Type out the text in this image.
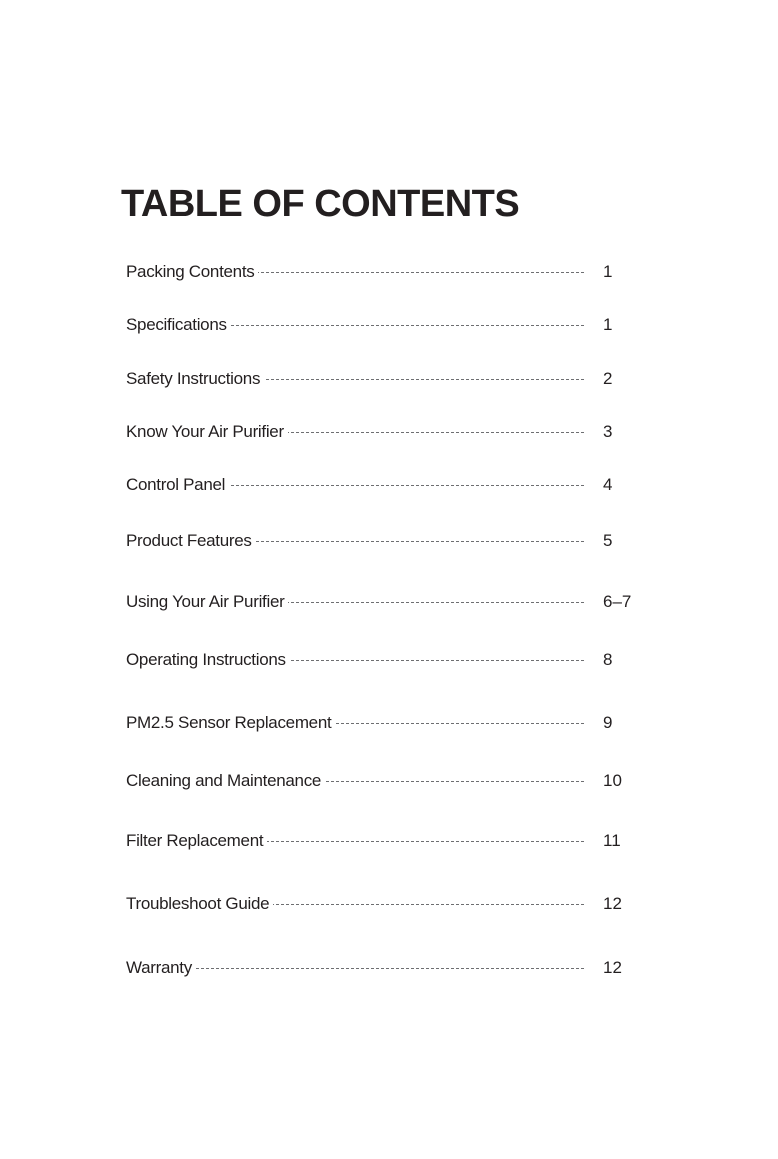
TABLE OF CONTENTS
Packing Contents	1
Specifications	1
Safety Instructions	2
Know Your Air Purifier	3
Control Panel	4
Product Features	5
Using Your Air Purifier	6–7
Operating Instructions	8
PM2.5 Sensor Replacement	9
Cleaning and Maintenance	10
Filter Replacement	11
Troubleshoot Guide	12
Warranty	12
